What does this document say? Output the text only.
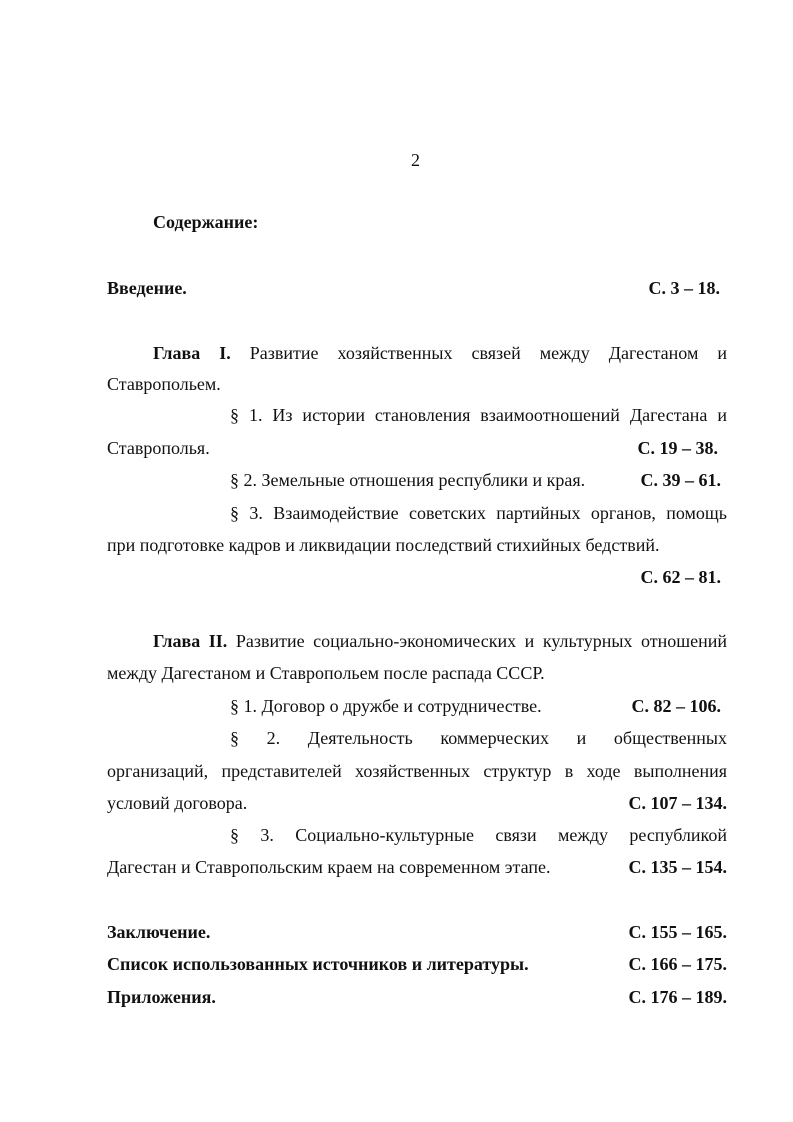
2
Содержание:
Введение.	С. 3 – 18.
Глава I. Развитие хозяйственных связей между Дагестаном и
Ставропольем.
§ 1. Из истории становления взаимоотношений Дагестана и
Ставрополья.	С. 19 – 38.
§ 2. Земельные отношения республики и края.	С. 39 – 61.
§ 3. Взаимодействие советских партийных органов, помощь
при подготовке кадров и ликвидации последствий стихийных бедствий.
С. 62 – 81.
Глава II. Развитие социально-экономических и культурных отношений
между Дагестаном и Ставропольем после распада СССР.
§ 1. Договор о дружбе и сотрудничестве.	С. 82 – 106.
§ 2. Деятельность коммерческих и общественных
организаций, представителей хозяйственных структур в ходе выполнения
условий договора.	С. 107 – 134.
§ 3. Социально-культурные связи между республикой
Дагестан и Ставропольским краем на современном этапе.	С. 135 – 154.
Заключение.	С. 155 – 165.
Список использованных источников и литературы.	С. 166 – 175.
Приложения.	С. 176 – 189.
